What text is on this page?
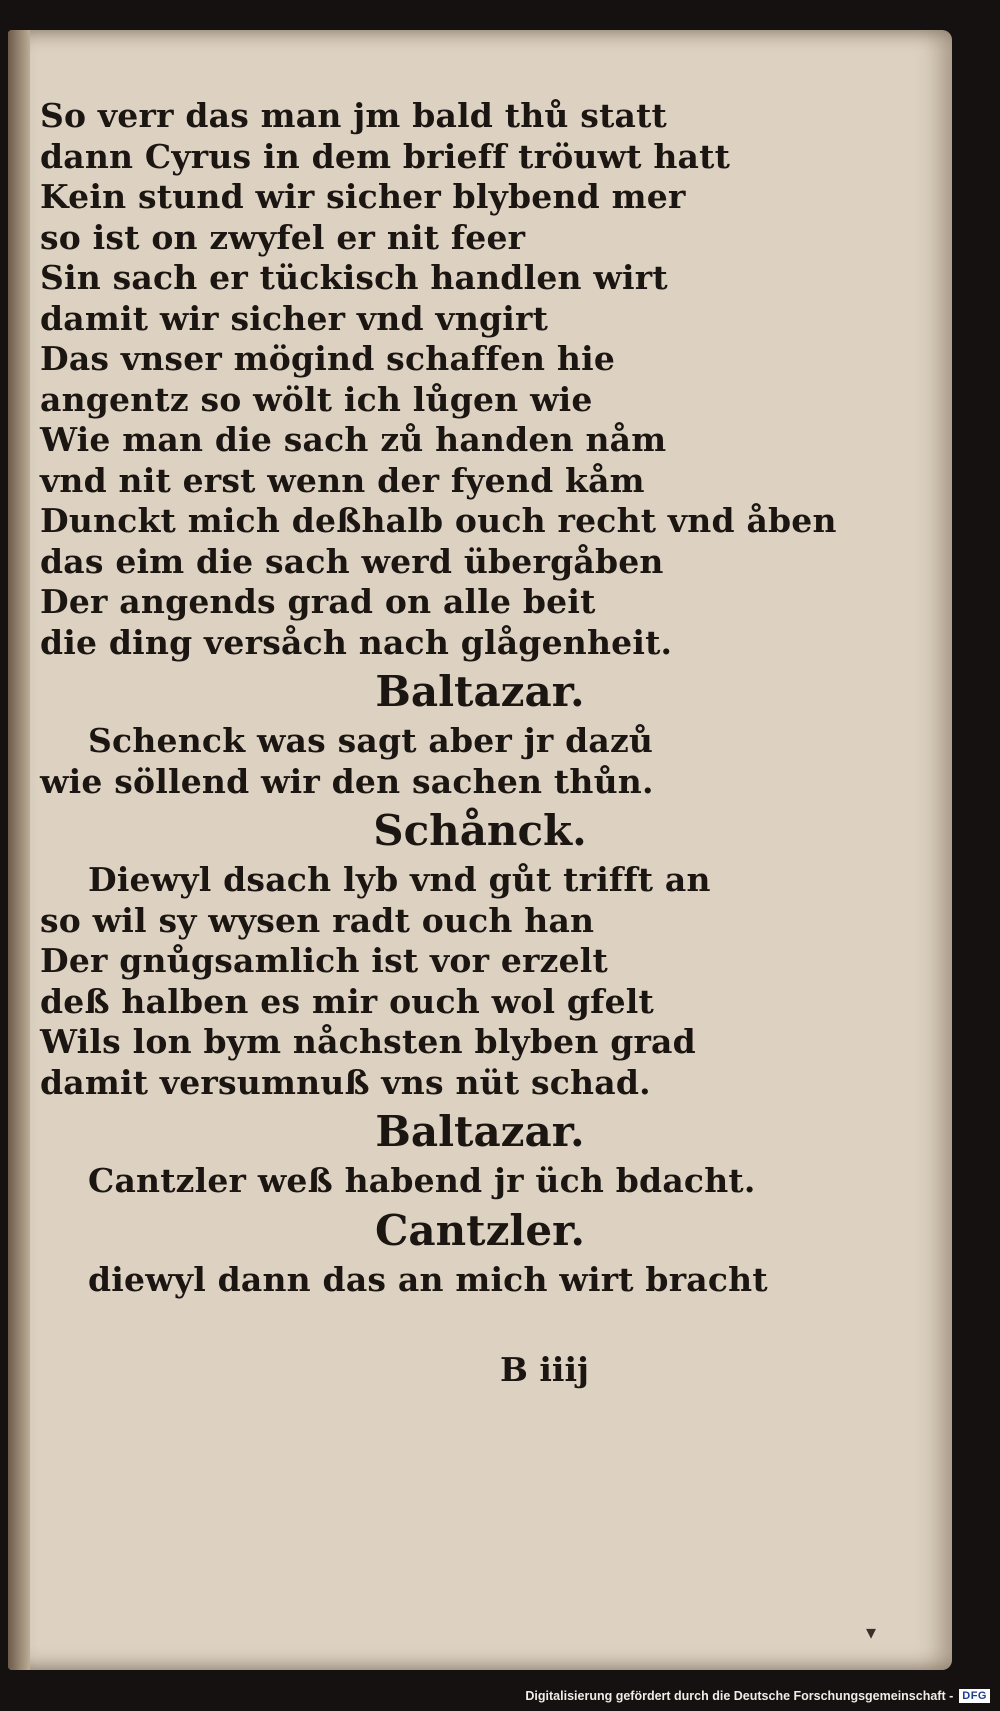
So verr das man jm bald thů statt
dann Cyrus in dem brieff tröuwt hatt
Kein stund wir sicher blybend mer
so ist on zwyfel er nit feer
Sin sach er tückisch handlen wirt
damit wir sicher vnd vngirt
Das vnser mögind schaffen hie
angentz so wölt ich lůgen wie
Wie man die sach zů handen nåm
vnd nit erst wenn der fyend kåm
Dunckt mich deßhalb ouch recht vnd åben
das eim die sach werd übergåben
Der angends grad on alle beit
die ding versåch nach glågenheit.
Baltazar.
Schenck was sagt aber jr dazů
wie söllend wir den sachen thůn.
Schånck.
Diewyl dsach lyb vnd gůt trifft an
so wil sy wysen radt ouch han
Der gnůgsamlich ist vor erzelt
deß halben es mir ouch wol gfelt
Wils lon bym nåchsten blyben grad
damit versumnuß vns nüt schad.
Baltazar.
Cantzler weß habend jr üch bdacht.
Cantzler.
diewyl dann das an mich wirt bracht
B iiij
▾
Digitalisierung gefördert durch die Deutsche Forschungsgemeinschaft - DFG
